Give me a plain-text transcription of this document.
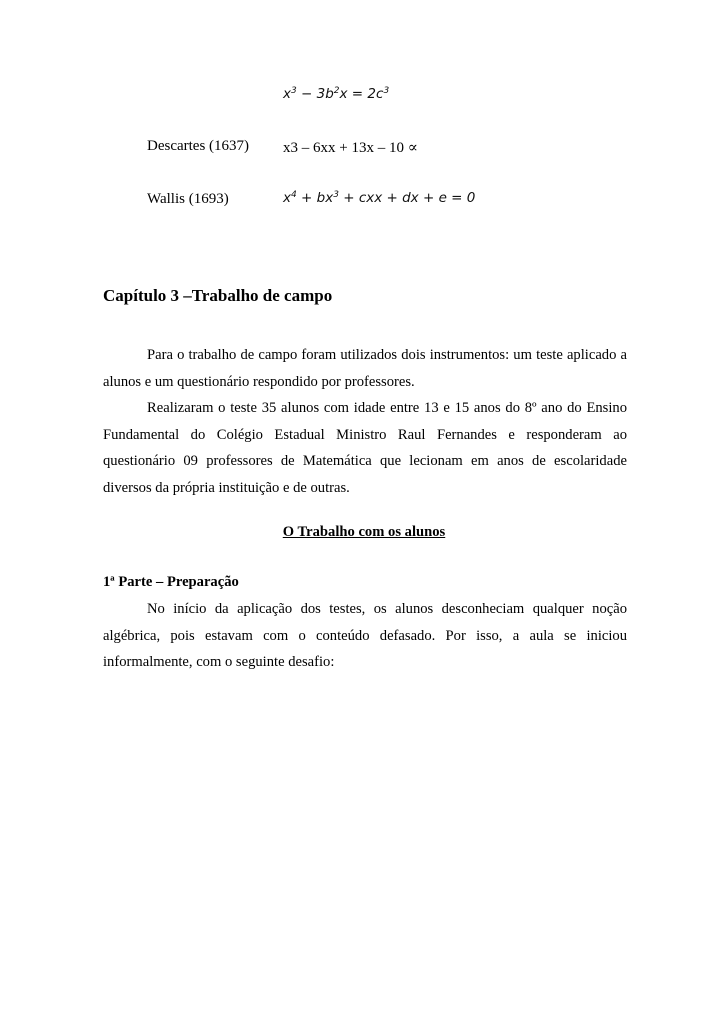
$x^3 - 3b^2x = 2c^3$
Descartes (1637) x3 – 6xx + 13x – 10 ∝
Wallis (1693)	$x^4 + bx^3$ + cxx + dx + e = 0
Capítulo 3 –Trabalho de campo
Para o trabalho de campo foram utilizados dois instrumentos: um teste aplicado a alunos e um questionário respondido por professores.
Realizaram o teste 35 alunos com idade entre 13 e 15 anos do 8º ano do Ensino Fundamental do Colégio Estadual Ministro Raul Fernandes e responderam ao questionário 09 professores de Matemática que lecionam em anos de escolaridade diversos da própria instituição e de outras.
O Trabalho com os alunos
1ª Parte – Preparação
No início da aplicação dos testes, os alunos desconheciam qualquer noção algébrica, pois estavam com o conteúdo defasado. Por isso, a aula se iniciou informalmente, com o seguinte desafio:
